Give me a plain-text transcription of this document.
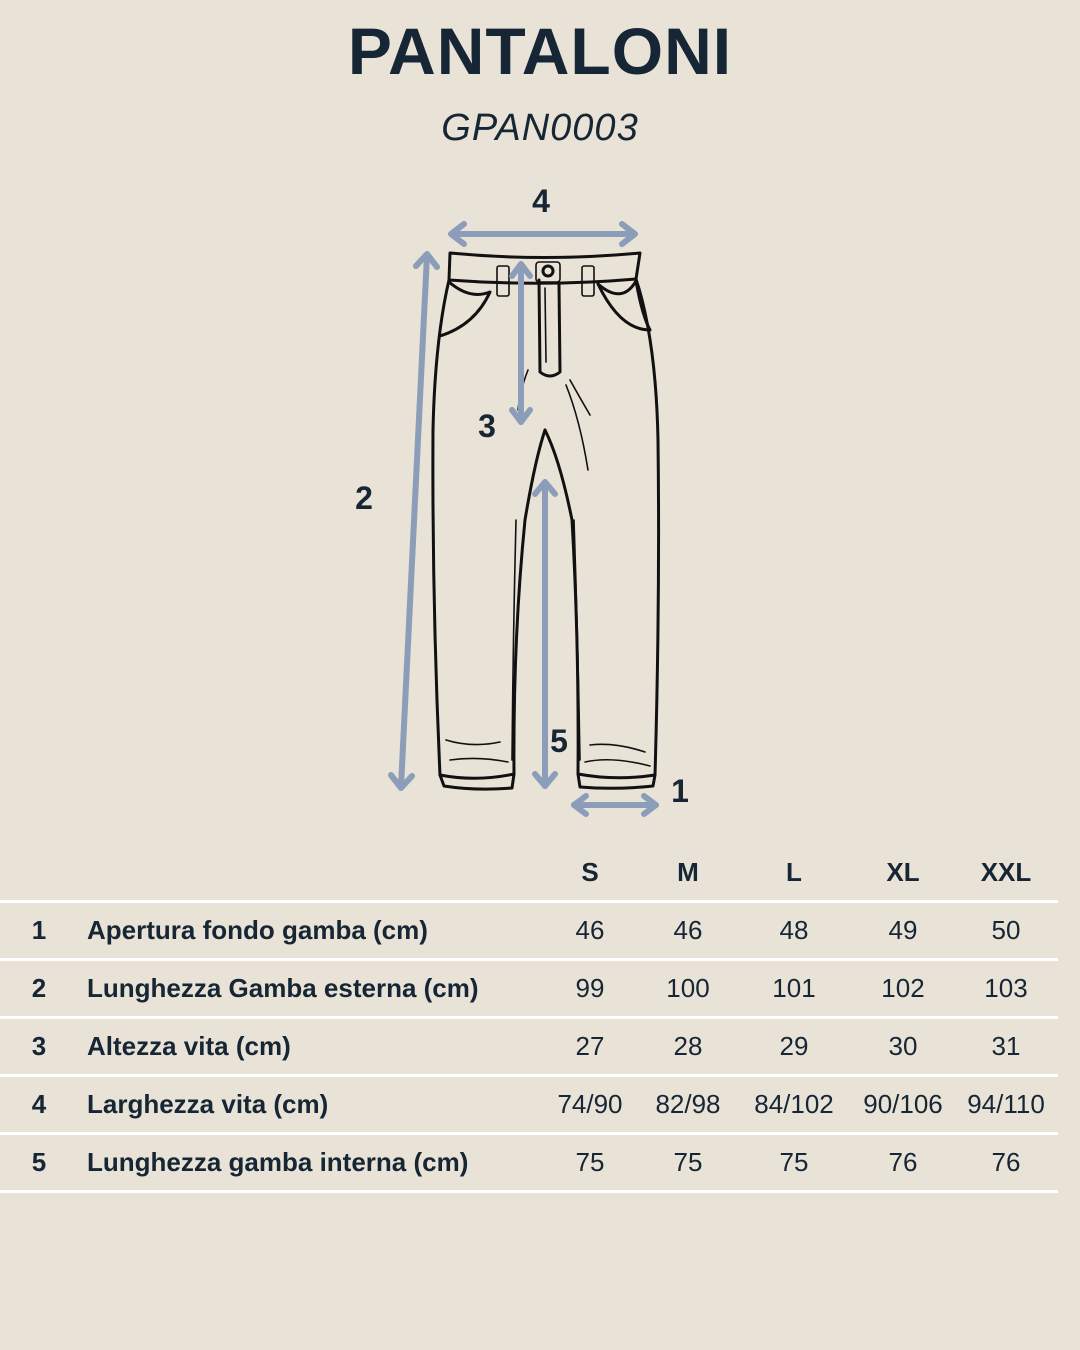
PANTALONI
GPAN0003
4
2
3
5
1
S	M	L	XL	XXL
1 Apertura fondo gamba (cm)	46	46	48	49	50
2 Lunghezza Gamba esterna (cm)	99	100	101	102	103
3 Altezza vita (cm)	27	28	29	30	31
4 Larghezza vita (cm)	74/90	82/98	84/102	90/106 94/110
5 Lunghezza gamba interna (cm)	75	75	75	76	76
